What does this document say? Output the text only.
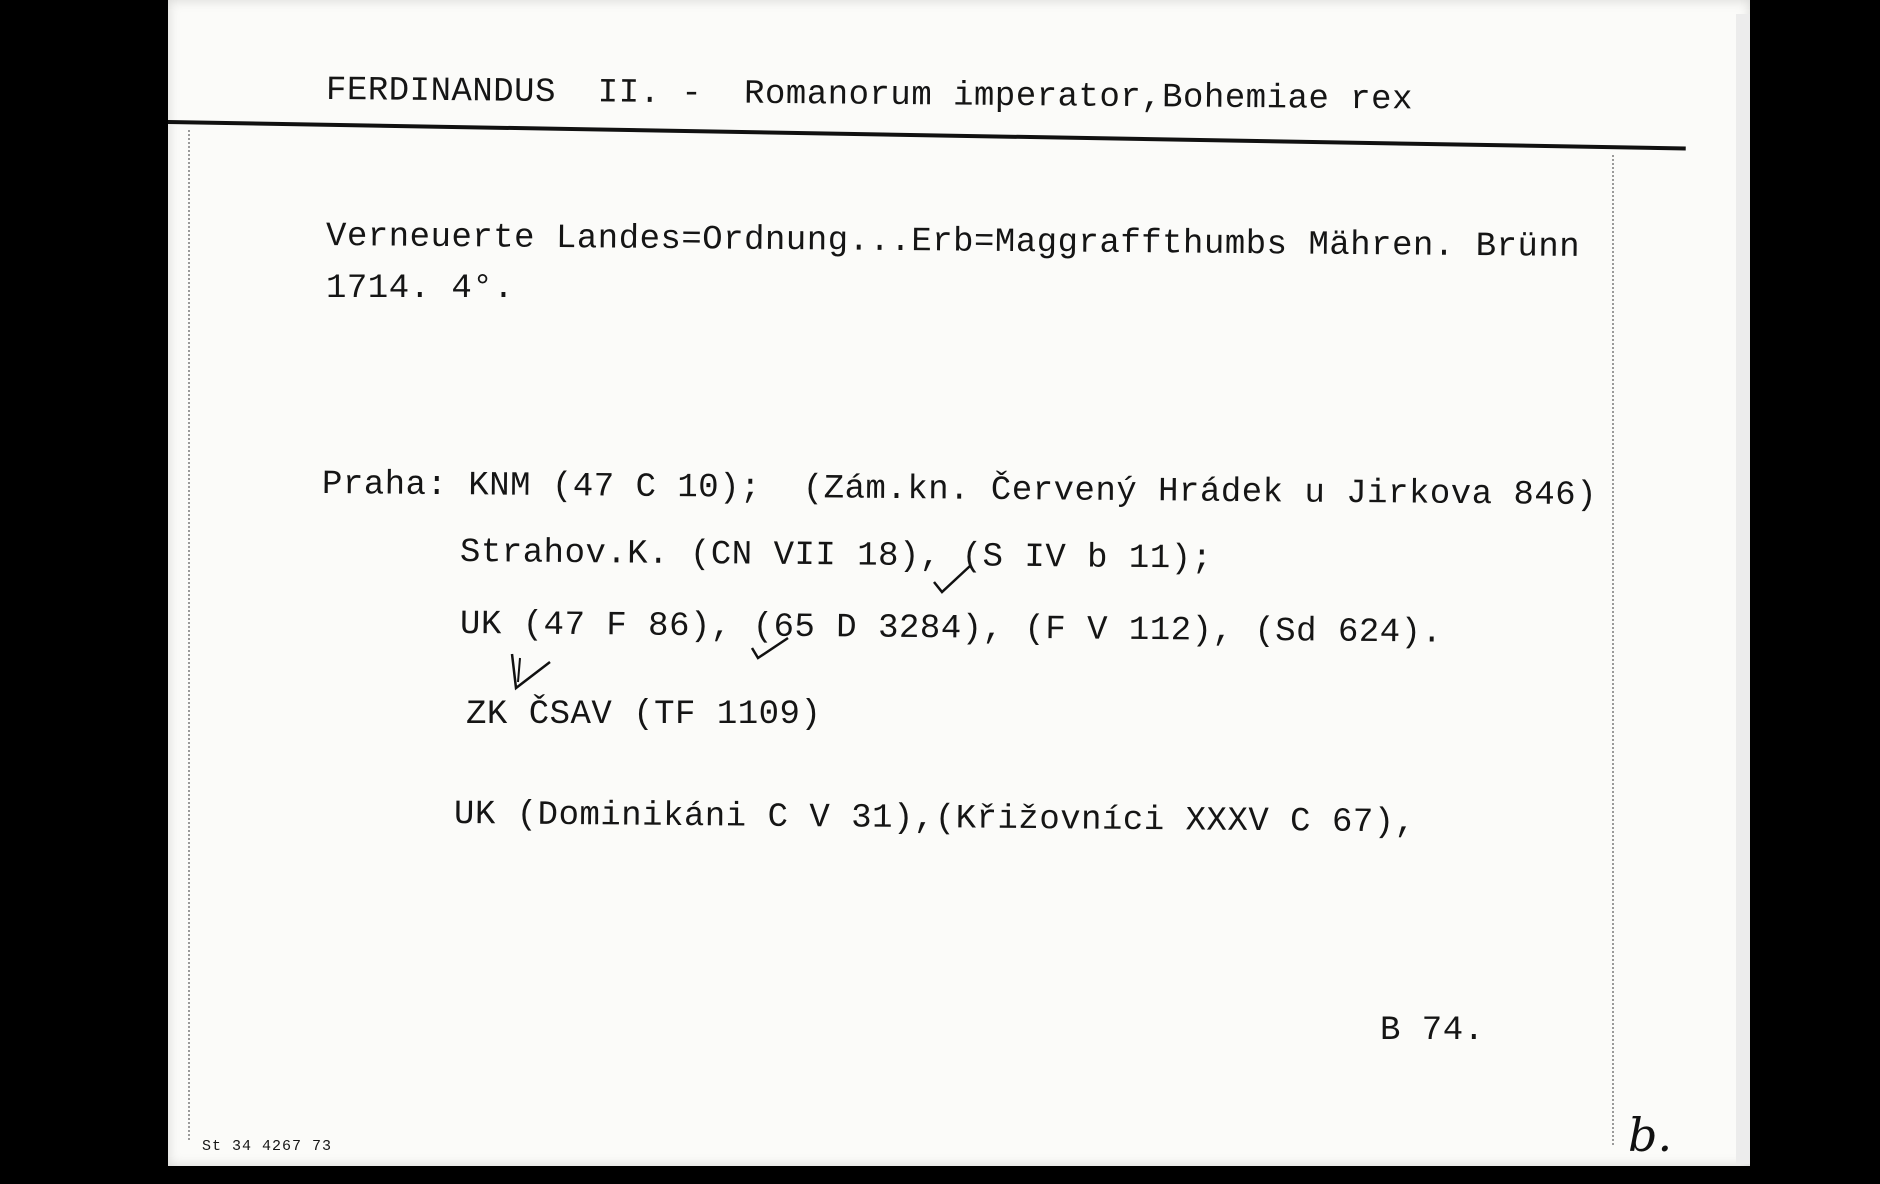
FERDINANDUS  II. -  Romanorum imperator,Bohemiae rex
Verneuerte Landes=Ordnung...Erb=Maggraffthumbs Mähren. Brünn
1714. 4°.
Praha: KNM (47 C 10);  (Zám.kn. Červený Hrádek u Jirkova 846)
Strahov.K. (CN VII 18), (S IV b 11);
UK (47 F 86), (65 D 3284), (F V 112), (Sd 624).
ZK ČSAV (TF 1109)
UK (Dominikáni C V 31),(Křižovníci XXXV C 67),
B 74.
St 34 4267 73	b.
